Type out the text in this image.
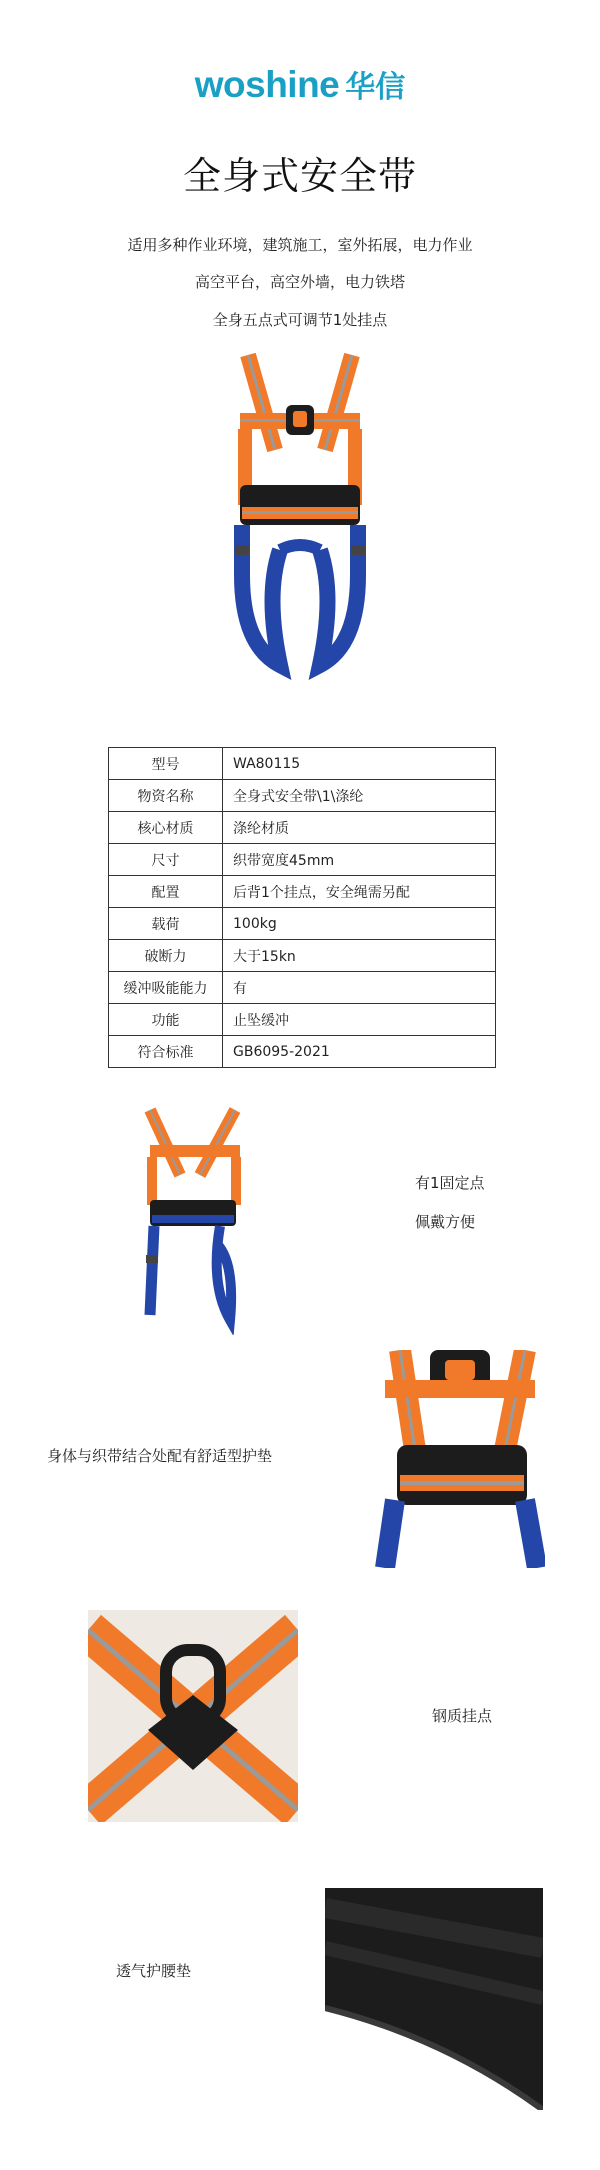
woshine 华信
全身式安全带
适用多种作业环境，建筑施工，室外拓展，电力作业
高空平台，高空外墙，电力铁塔
全身五点式可调节1处挂点
型号	WA80115
物资名称	全身式安全带\1\涤纶
核心材质	涤纶材质
尺寸	织带宽度45mm
配置	后背1个挂点，安全绳需另配
载荷	100kg
破断力	大于15kn
缓冲吸能能力	有
功能	止坠缓冲
符合标准	GB6095-2021
有1固定点
佩戴方便
身体与织带结合处配有舒适型护垫
钢质挂点
透气护腰垫
